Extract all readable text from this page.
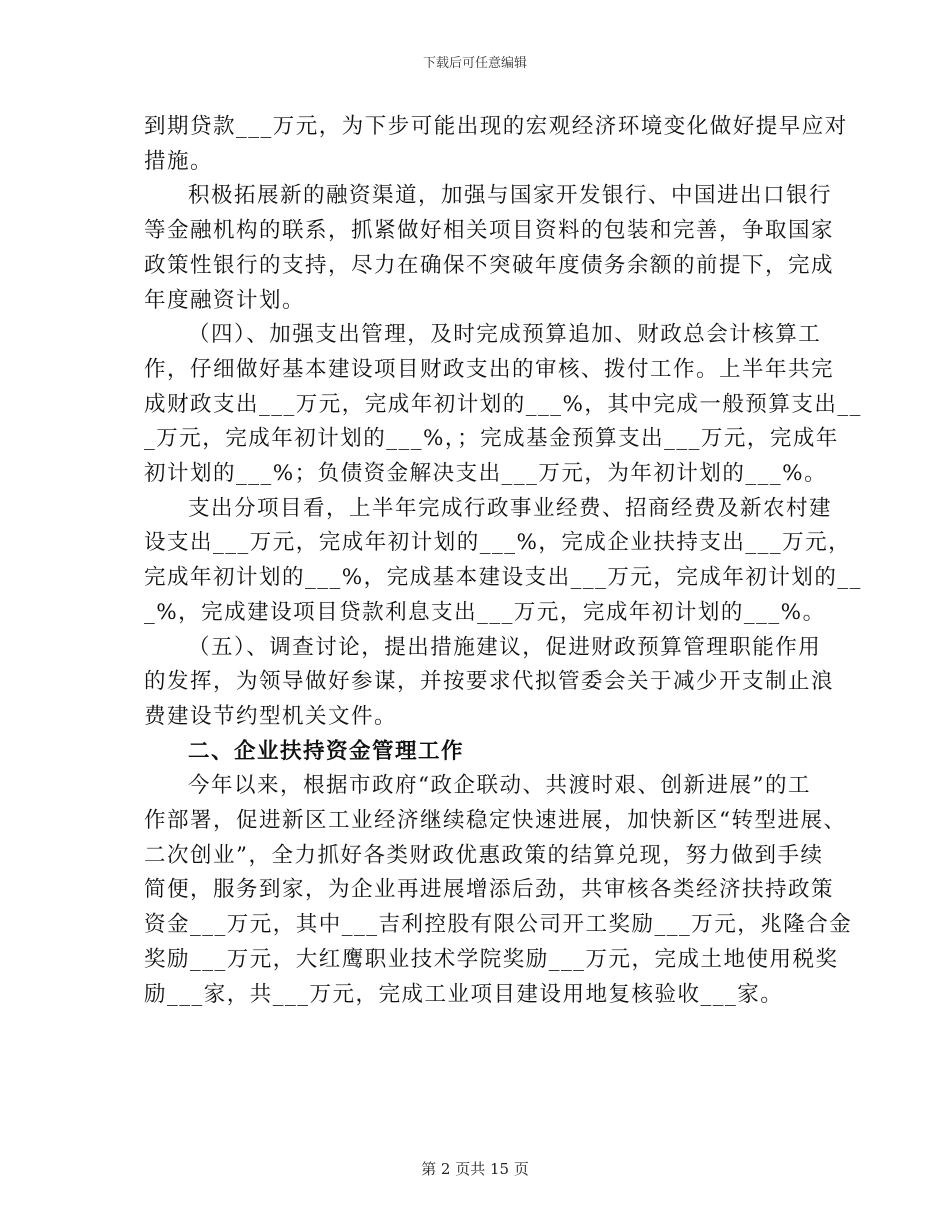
下载后可任意编辑
到期贷款___万元，为下步可能出现的宏观经济环境变化做好提早应对
措施。
积极拓展新的融资渠道，加强与国家开发银行、中国进出口银行
等金融机构的联系，抓紧做好相关项目资料的包装和完善，争取国家
政策性银行的支持，尽力在确保不突破年度债务余额的前提下，完成
年度融资计划。
（四）、加强支出管理，及时完成预算追加、财政总会计核算工
作，仔细做好基本建设项目财政支出的审核、拨付工作。上半年共完
成财政支出___万元，完成年初计划的___%，其中完成一般预算支出__
_万元，完成年初计划的___%，；完成基金预算支出___万元，完成年
初计划的___%；负债资金解决支出___万元，为年初计划的___%。
支出分项目看，上半年完成行政事业经费、招商经费及新农村建
设支出___万元，完成年初计划的___%，完成企业扶持支出___万元，
完成年初计划的___%，完成基本建设支出___万元，完成年初计划的__
_%，完成建设项目贷款利息支出___万元，完成年初计划的___%。
（五）、调查讨论，提出措施建议，促进财政预算管理职能作用
的发挥，为领导做好参谋，并按要求代拟管委会关于减少开支制止浪
费建设节约型机关文件。
二、企业扶持资金管理工作
今年以来，根据市政府“政企联动、共渡时艰、创新进展”的工
作部署，促进新区工业经济继续稳定快速进展，加快新区“转型进展、
二次创业”，全力抓好各类财政优惠政策的结算兑现，努力做到手续
简便，服务到家，为企业再进展增添后劲，共审核各类经济扶持政策
资金___万元，其中___吉利控股有限公司开工奖励___万元，兆隆合金
奖励___万元，大红鹰职业技术学院奖励___万元，完成土地使用税奖
励___家，共___万元，完成工业项目建设用地复核验收___家。
第 2 页共 15 页
